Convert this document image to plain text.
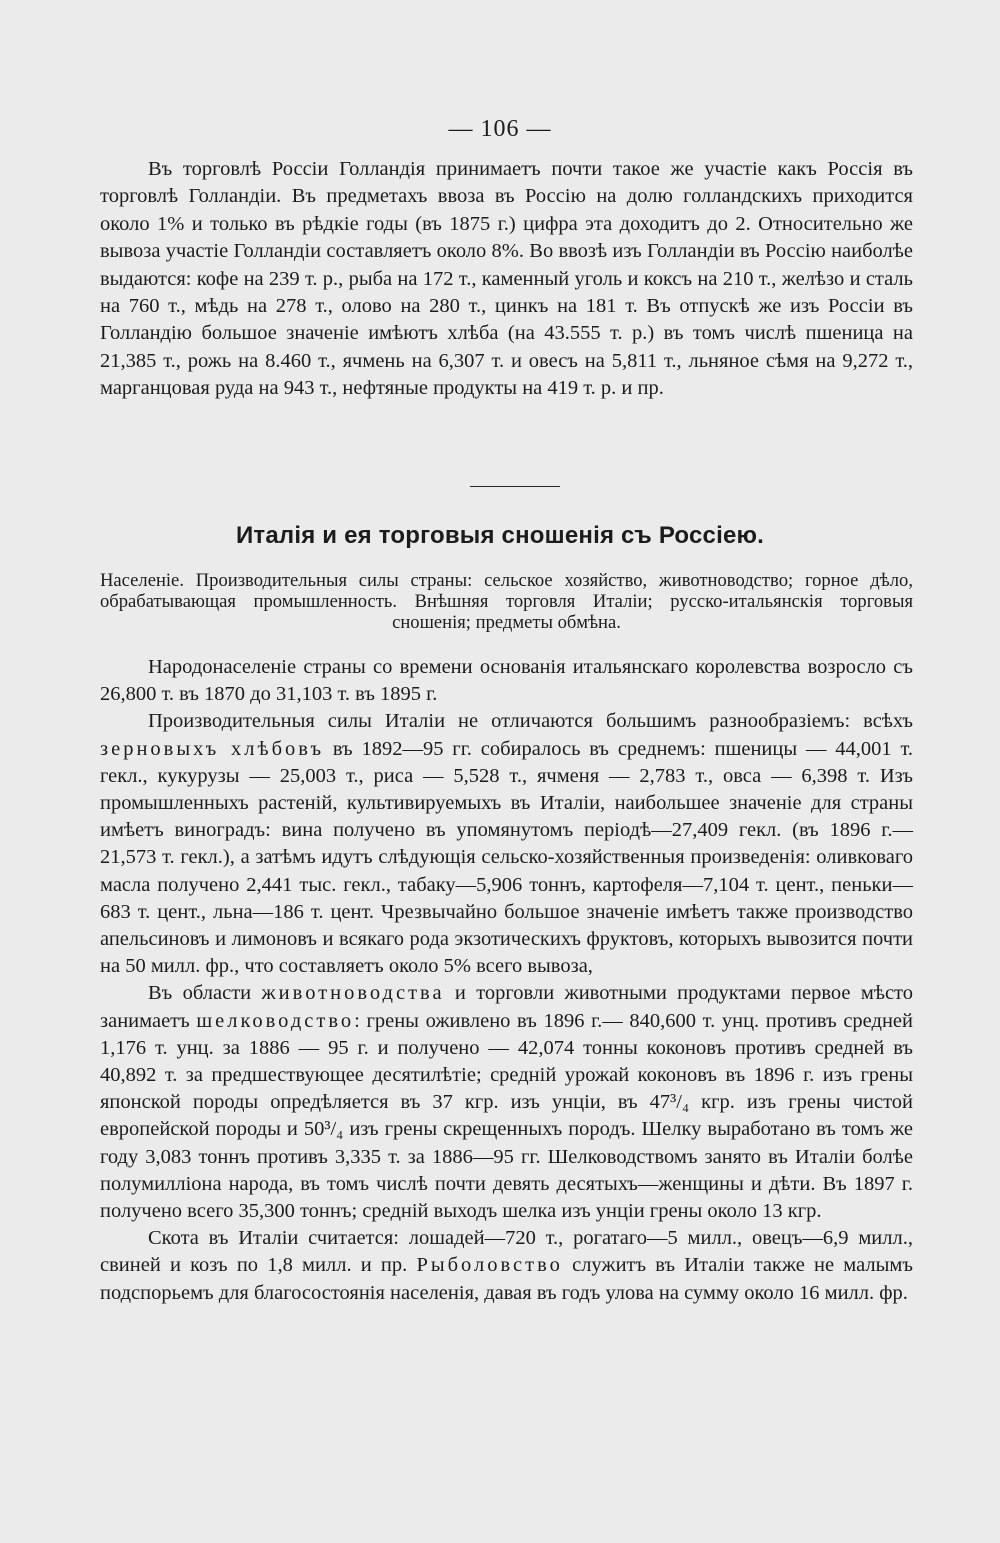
— 106 —

Въ торговлѣ Россіи Голландія принимаетъ почти такое же участіе какъ Россія въ торговлѣ Голландіи. Въ предметахъ ввоза въ Россію на долю голландскихъ приходится около 1% и только въ рѣдкіе годы (въ 1875 г.) цифра эта доходитъ до 2. Относительно же вывоза участіе Голландіи составляетъ около 8%. Во ввозѣ изъ Голландіи въ Россію наиболѣе выдаются: кофе на 239 т. р., рыба на 172 т., каменный уголь и коксъ на 210 т., желѣзо и сталь на 760 т., мѣдь на 278 т., олово на 280 т., цинкъ на 181 т. Въ отпускѣ же изъ Россіи въ Голландію большое значеніе имѣютъ хлѣба (на 43.555 т. р.) въ томъ числѣ пшеница на 21,385 т., рожь на 8.460 т., ячмень на 6,307 т. и овесъ на 5,811 т., льняное сѣмя на 9,272 т., марганцовая руда на 943 т., нефтяные продукты на 419 т. р. и пр.

Италія и ея торговыя сношенія съ Россіею.
Населеніе. Производительныя силы страны: сельское хозяйство, животноводство; горное дѣло, обрабатывающая промышленность. Внѣшняя торговля Италіи; русско-итальянскія торговыя сношенія; предметы обмѣна.

Народонаселеніе страны со времени основанія итальянскаго королевства возросло съ 26,800 т. въ 1870 до 31,103 т. въ 1895 г.

Производительныя силы Италіи не отличаются большимъ разнообразіемъ: всѣхъ зерновыхъ хлѣбовъ въ 1892—95 гг. собиралось въ среднемъ: пшеницы — 44,001 т. гекл., кукурузы — 25,003 т., риса — 5,528 т., ячменя — 2,783 т., овса — 6,398 т. Изъ промышленныхъ растеній, культивируемыхъ въ Италіи, наибольшее значеніе для страны имѣетъ виноградъ: вина получено въ упомянутомъ періодѣ—27,409 гекл. (въ 1896 г.—21,573 т. гекл.), а затѣмъ идутъ слѣдующія сельско-хозяйственныя произведенія: оливковаго масла получено 2,441 тыс. гекл., табаку—5,906 тоннъ, картофеля—7,104 т. цент., пеньки—683 т. цент., льна—186 т. цент. Чрезвычайно большое значеніе имѣетъ также производство апельсиновъ и лимоновъ и всякаго рода экзотическихъ фруктовъ, которыхъ вывозится почти на 50 милл. фр., что составляетъ около 5% всего вывоза,

Въ области животноводства и торговли животными продуктами первое мѣсто занимаетъ шелководство: грены оживлено въ 1896 г.— 840,600 т. унц. противъ средней 1,176 т. унц. за 1886 — 95 г. и получено — 42,074 тонны коконовъ противъ средней въ 40,892 т. за предшествующее десятилѣтіе; средній урожай коконовъ въ 1896 г. изъ грены японской породы опредѣляется въ 37 кгр. изъ унціи, въ 47³/₄ кгр. изъ грены чистой европейской породы и 50³/₄ изъ грены скрещенныхъ породъ. Шелку выработано въ томъ же году 3,083 тоннъ противъ 3,335 т. за 1886—95 гг. Шелководствомъ занято въ Италіи болѣе полумилліона народа, въ томъ числѣ почти девять десятыхъ—женщины и дѣти. Въ 1897 г. получено всего 35,300 тоннъ; средній выходъ шелка изъ унціи грены около 13 кгр.

Скота въ Италіи считается: лошадей—720 т., рогатаго—5 милл., овецъ—6,9 милл., свиней и козъ по 1,8 милл. и пр. Рыболовство служитъ въ Италіи также не малымъ подспорьемъ для благосостоянія населенія, давая въ годъ улова на сумму около 16 милл. фр.
